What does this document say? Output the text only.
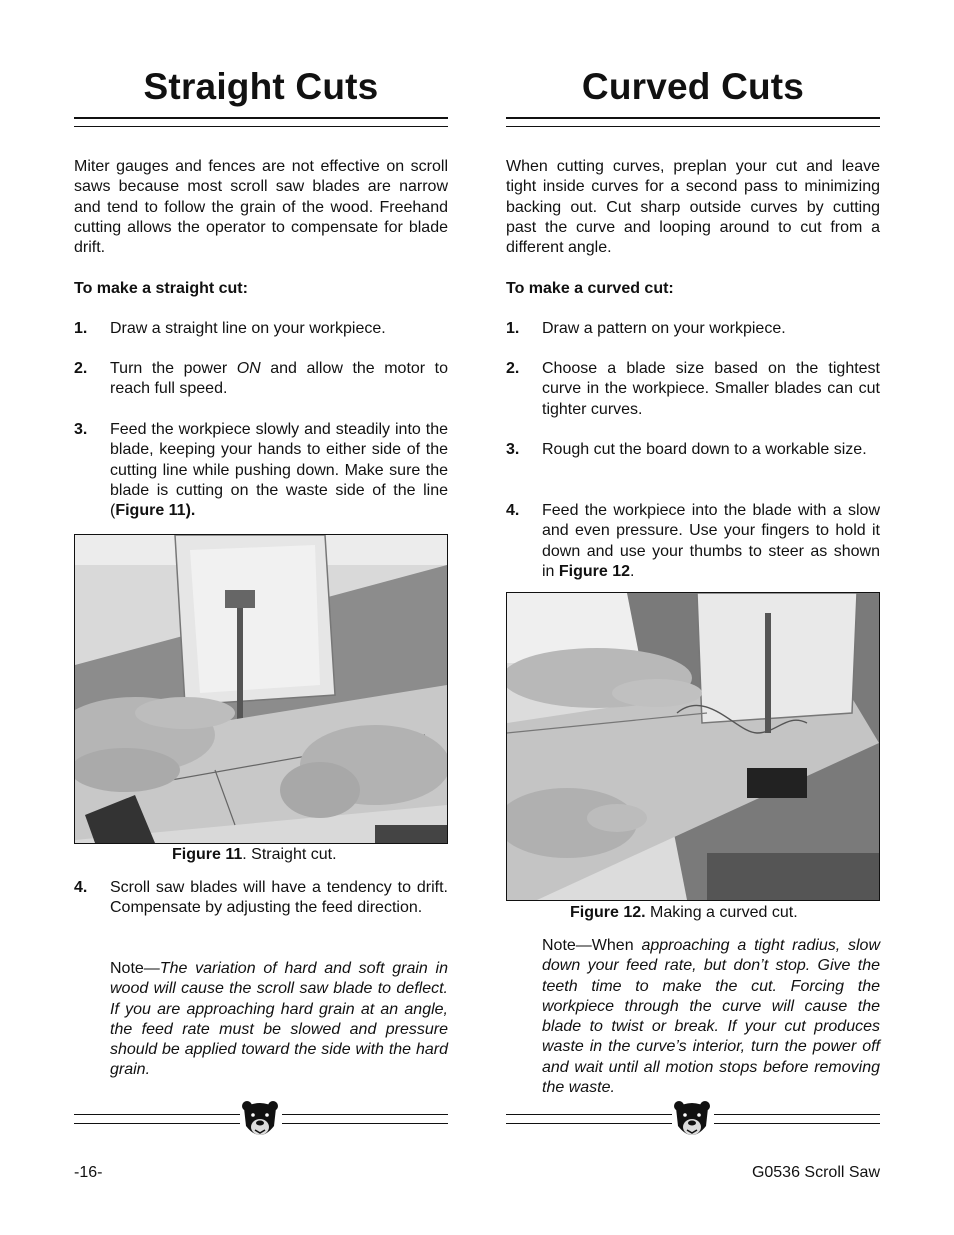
Straight Cuts

Miter gauges and fences are not effective on scroll saws because most scroll saw blades are narrow and tend to follow the grain of the wood. Freehand cutting allows the operator to compensate for blade drift.

To make a straight cut:

1. Draw a straight line on your workpiece.
2. Turn the power ON and allow the motor to reach full speed.
3. Feed the workpiece slowly and steadily into the blade, keeping your hands to either side of the cutting line while pushing down. Make sure the blade is cutting on the waste side of the line (Figure 11).
Figure 11. Straight cut.
4. Scroll saw blades will have a tendency to drift. Compensate by adjusting the feed direction.
Note—The variation of hard and soft grain in wood will cause the scroll saw blade to deflect. If you are approaching hard grain at an angle, the feed rate must be slowed and pressure should be applied toward the side with the hard grain.
Curved Cuts

When cutting curves, preplan your cut and leave tight inside curves for a second pass to minimizing backing out. Cut sharp outside curves by cutting past the curve and looping around to cut from a different angle.

To make a curved cut:

1. Draw a pattern on your workpiece.
2. Choose a blade size based on the tightest curve in the workpiece. Smaller blades can cut tighter curves.
3. Rough cut the board down to a workable size.
4. Feed the workpiece into the blade with a slow and even pressure. Use your fingers to hold it down and use your thumbs to steer as shown in Figure 12.
Figure 12. Making a curved cut.
Note—When approaching a tight radius, slow down your feed rate, but don’t stop. Give the teeth time to make the cut. Forcing the workpiece through the curve will cause the blade to twist or break. If your cut produces waste in the curve’s interior, turn the power off and wait until all motion stops before removing the waste.
-16-	G0536 Scroll Saw
